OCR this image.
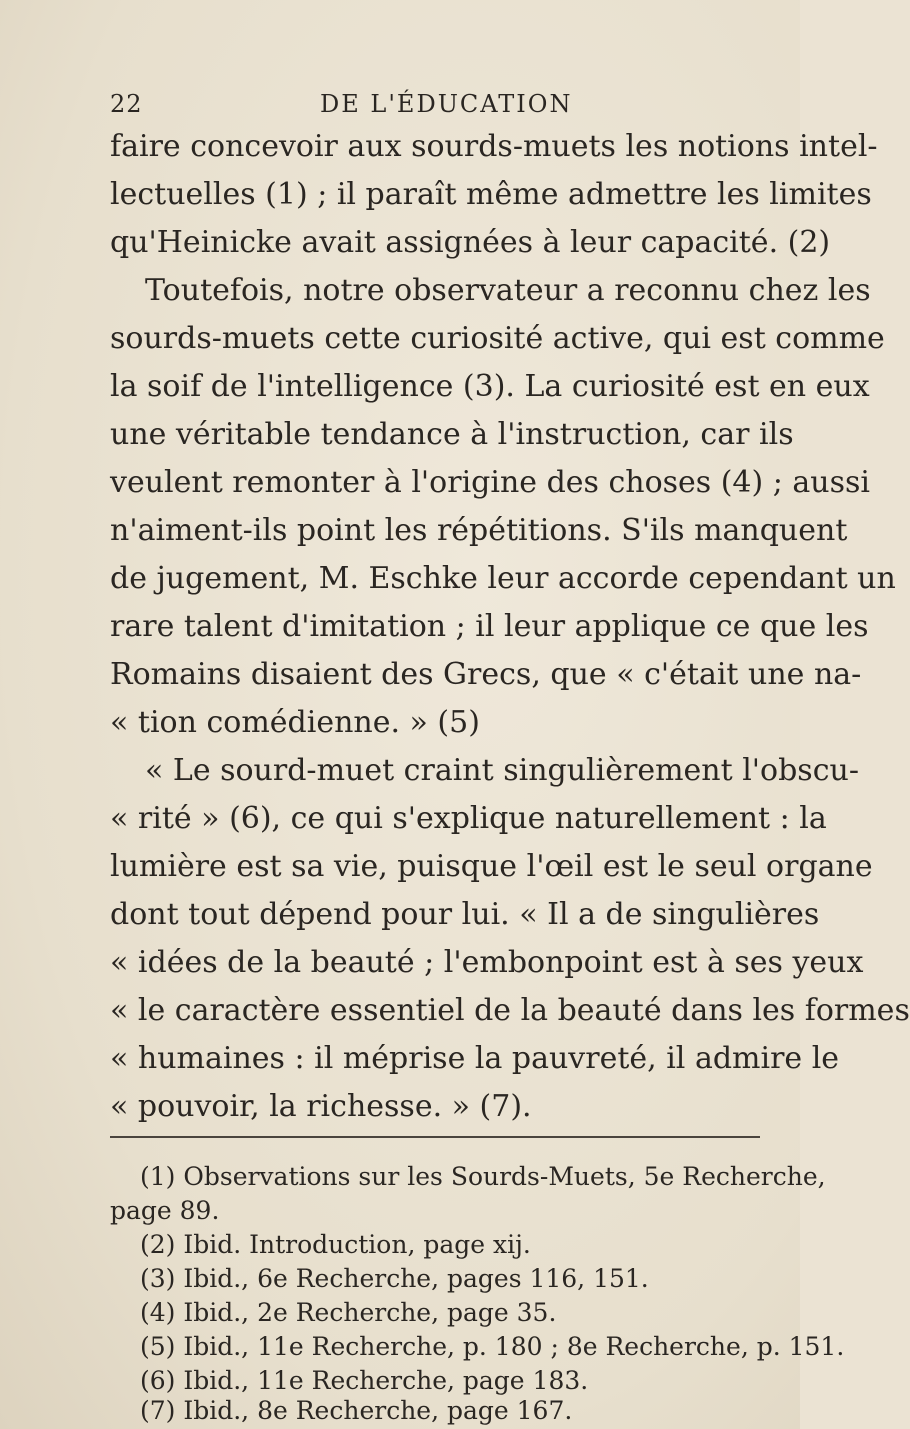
22	DE L'ÉDUCATION
faire concevoir aux sourds-muets les notions intel-
lectuelles (1) ; il paraît même admettre les limites
qu'Heinicke avait assignées à leur capacité. (2)
Toutefois, notre observateur a reconnu chez les
sourds-muets cette curiosité active, qui est comme
la soif de l'intelligence (3). La curiosité est en eux
une véritable tendance à l'instruction, car ils
veulent remonter à l'origine des choses (4) ; aussi
n'aiment-ils point les répétitions. S'ils manquent
de jugement, M. Eschke leur accorde cependant un
rare talent d'imitation ; il leur applique ce que les
Romains disaient des Grecs, que « c'était une na-
« tion comédienne. » (5)
« Le sourd-muet craint singulièrement l'obscu-
« rité » (6), ce qui s'explique naturellement : la
lumière est sa vie, puisque l'œil est le seul organe
dont tout dépend pour lui. « Il a de singulières
« idées de la beauté ; l'embonpoint est à ses yeux
« le caractère essentiel de la beauté dans les formes
« humaines : il méprise la pauvreté, il admire le
« pouvoir, la richesse. » (7).
(1) Observations sur les Sourds-Muets, 5e Recherche,
page 89.
(2) Ibid. Introduction, page xij.
(3) Ibid., 6e Recherche, pages 116, 151.
(4) Ibid., 2e Recherche, page 35.
(5) Ibid., 11e Recherche, p. 180 ; 8e Recherche, p. 151.
(6) Ibid., 11e Recherche, page 183.
(7) Ibid., 8e Recherche, page 167.
